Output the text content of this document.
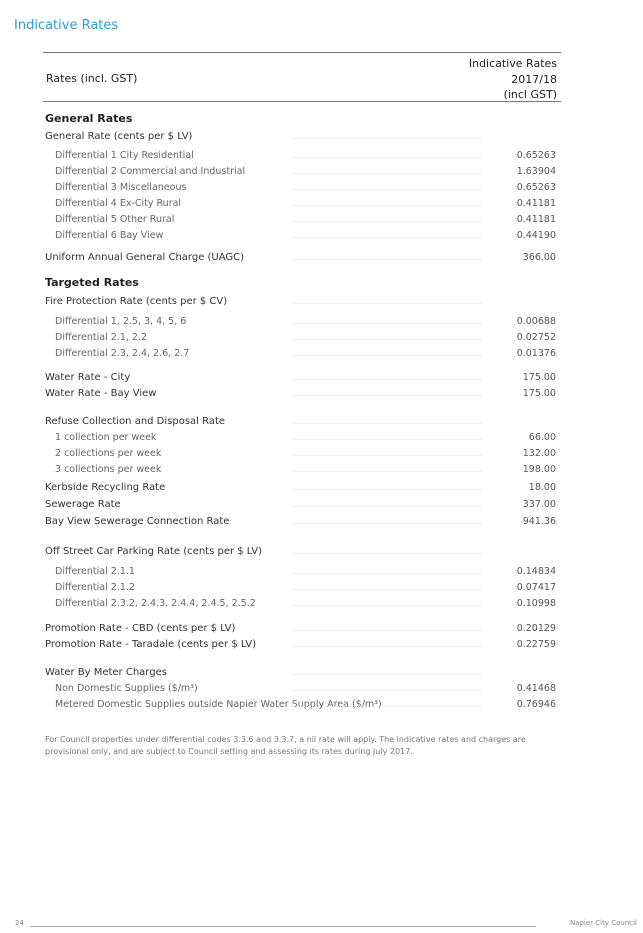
Indicative Rates
Rates (incl. GST)
Indicative Rates
2017/18
(incl GST)
General Rates
General Rate (cents per $ LV)
Differential 1 City Residential	0.65263
Differential 2 Commercial and Industrial	1.63904
Differential 3 Miscellaneous	0.65263
Differential 4 Ex-City Rural	0.41181
Differential 5 Other Rural	0.41181
Differential 6 Bay View	0.44190
Uniform Annual General Charge (UAGC)	366.00
Targeted Rates
Fire Protection Rate (cents per $ CV)
Differential 1, 2.5, 3, 4, 5, 6	0.00688
Differential 2.1, 2.2	0.02752
Differential 2.3, 2.4, 2.6, 2.7	0.01376
Water Rate - City	175.00
Water Rate - Bay View	175.00
Refuse Collection and Disposal Rate
1 collection per week	66.00
2 collections per week	132.00
3 collections per week	198.00
Kerbside Recycling Rate	18.00
Sewerage Rate	337.00
Bay View Sewerage Connection Rate	941.36
Off Street Car Parking Rate (cents per $ LV)
Differential 2.1.1	0.14834
Differential 2.1.2	0.07417
Differential 2.3.2, 2.4.3, 2.4.4, 2.4.5, 2.5.2	0.10998
Promotion Rate - CBD (cents per $ LV)	0.20129
Promotion Rate - Taradale (cents per $ LV)	0.22759
Water By Meter Charges
Non Domestic Supplies ($/m³)	0.41468
Metered Domestic Supplies outside Napier Water Supply Area ($/m³)	0.76946
For Council properties under differential codes 3.3.6 and 3.3.7, a nil rate will apply. The indicative rates and charges are provisional only, and are subject to Council setting and assessing its rates during July 2017.
24	Napier City Council
